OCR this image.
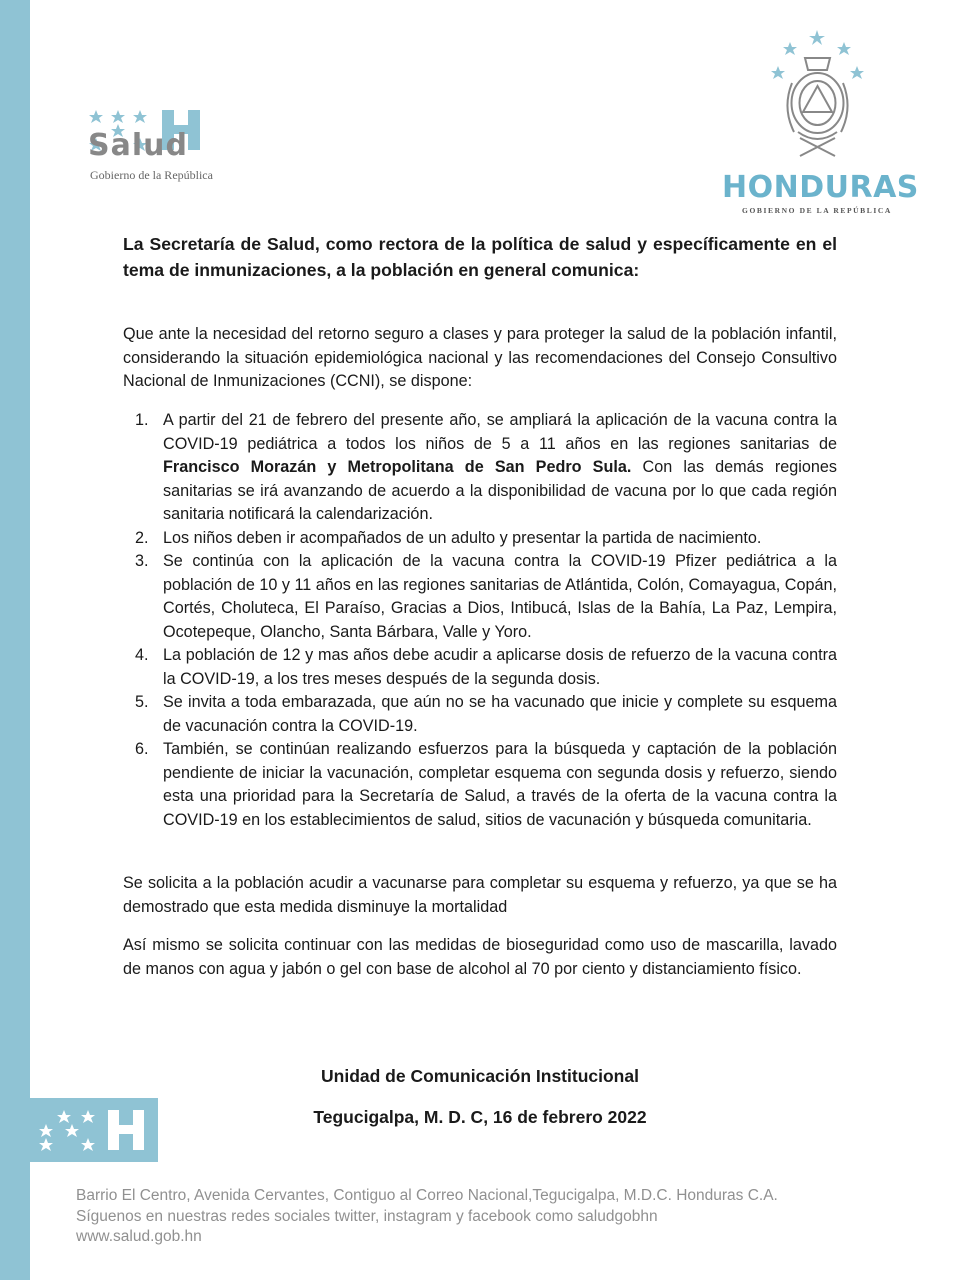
Salud
Gobierno de la República	HONDURAS
GOBIERNO DE LA REPÚBLICA
La Secretaría de Salud, como rectora de la política de salud y específicamente en el tema de inmunizaciones, a la población en general comunica:
Que ante la necesidad del retorno seguro a clases y para proteger la salud de la población infantil, considerando la situación epidemiológica nacional y las recomendaciones del Consejo Consultivo Nacional de Inmunizaciones (CCNI), se dispone:
1. A partir del 21 de febrero del presente año, se ampliará la aplicación de la vacuna contra la COVID-19 pediátrica a todos los niños de 5 a 11 años en las regiones sanitarias de Francisco Morazán y Metropolitana de San Pedro Sula. Con las demás regiones sanitarias se irá avanzando de acuerdo a la disponibilidad de vacuna por lo que cada región sanitaria notificará la calendarización.
2. Los niños deben ir acompañados de un adulto y presentar la partida de nacimiento.
3. Se continúa con la aplicación de la vacuna contra la COVID-19 Pfizer pediátrica a la población de 10 y 11 años en las regiones sanitarias de Atlántida, Colón, Comayagua, Copán, Cortés, Choluteca, El Paraíso, Gracias a Dios, Intibucá, Islas de la Bahía, La Paz, Lempira, Ocotepeque, Olancho, Santa Bárbara, Valle y Yoro.
4. La población de 12 y mas años debe acudir a aplicarse dosis de refuerzo de la vacuna contra la COVID-19, a los tres meses después de la segunda dosis.
5. Se invita a toda embarazada, que aún no se ha vacunado que inicie y complete su esquema de vacunación contra la COVID-19.
6. También, se continúan realizando esfuerzos para la búsqueda y captación de la población pendiente de iniciar la vacunación, completar esquema con segunda dosis y refuerzo, siendo esta una prioridad para la Secretaría de Salud, a través de la oferta de la vacuna contra la COVID-19 en los establecimientos de salud, sitios de vacunación y búsqueda comunitaria.
Se solicita a la población acudir a vacunarse para completar su esquema y refuerzo, ya que se ha demostrado que esta medida disminuye la mortalidad
Así mismo se solicita continuar con las medidas de bioseguridad como uso de mascarilla, lavado de manos con agua y jabón o gel con base de alcohol al 70 por ciento y distanciamiento físico.
Unidad de Comunicación Institucional
Tegucigalpa, M. D. C, 16 de febrero 2022
Barrio El Centro, Avenida Cervantes, Contiguo al Correo Nacional,Tegucigalpa, M.D.C. Honduras C.A.
Síguenos en nuestras redes sociales twitter, instagram y facebook como saludgobhn
www.salud.gob.hn
